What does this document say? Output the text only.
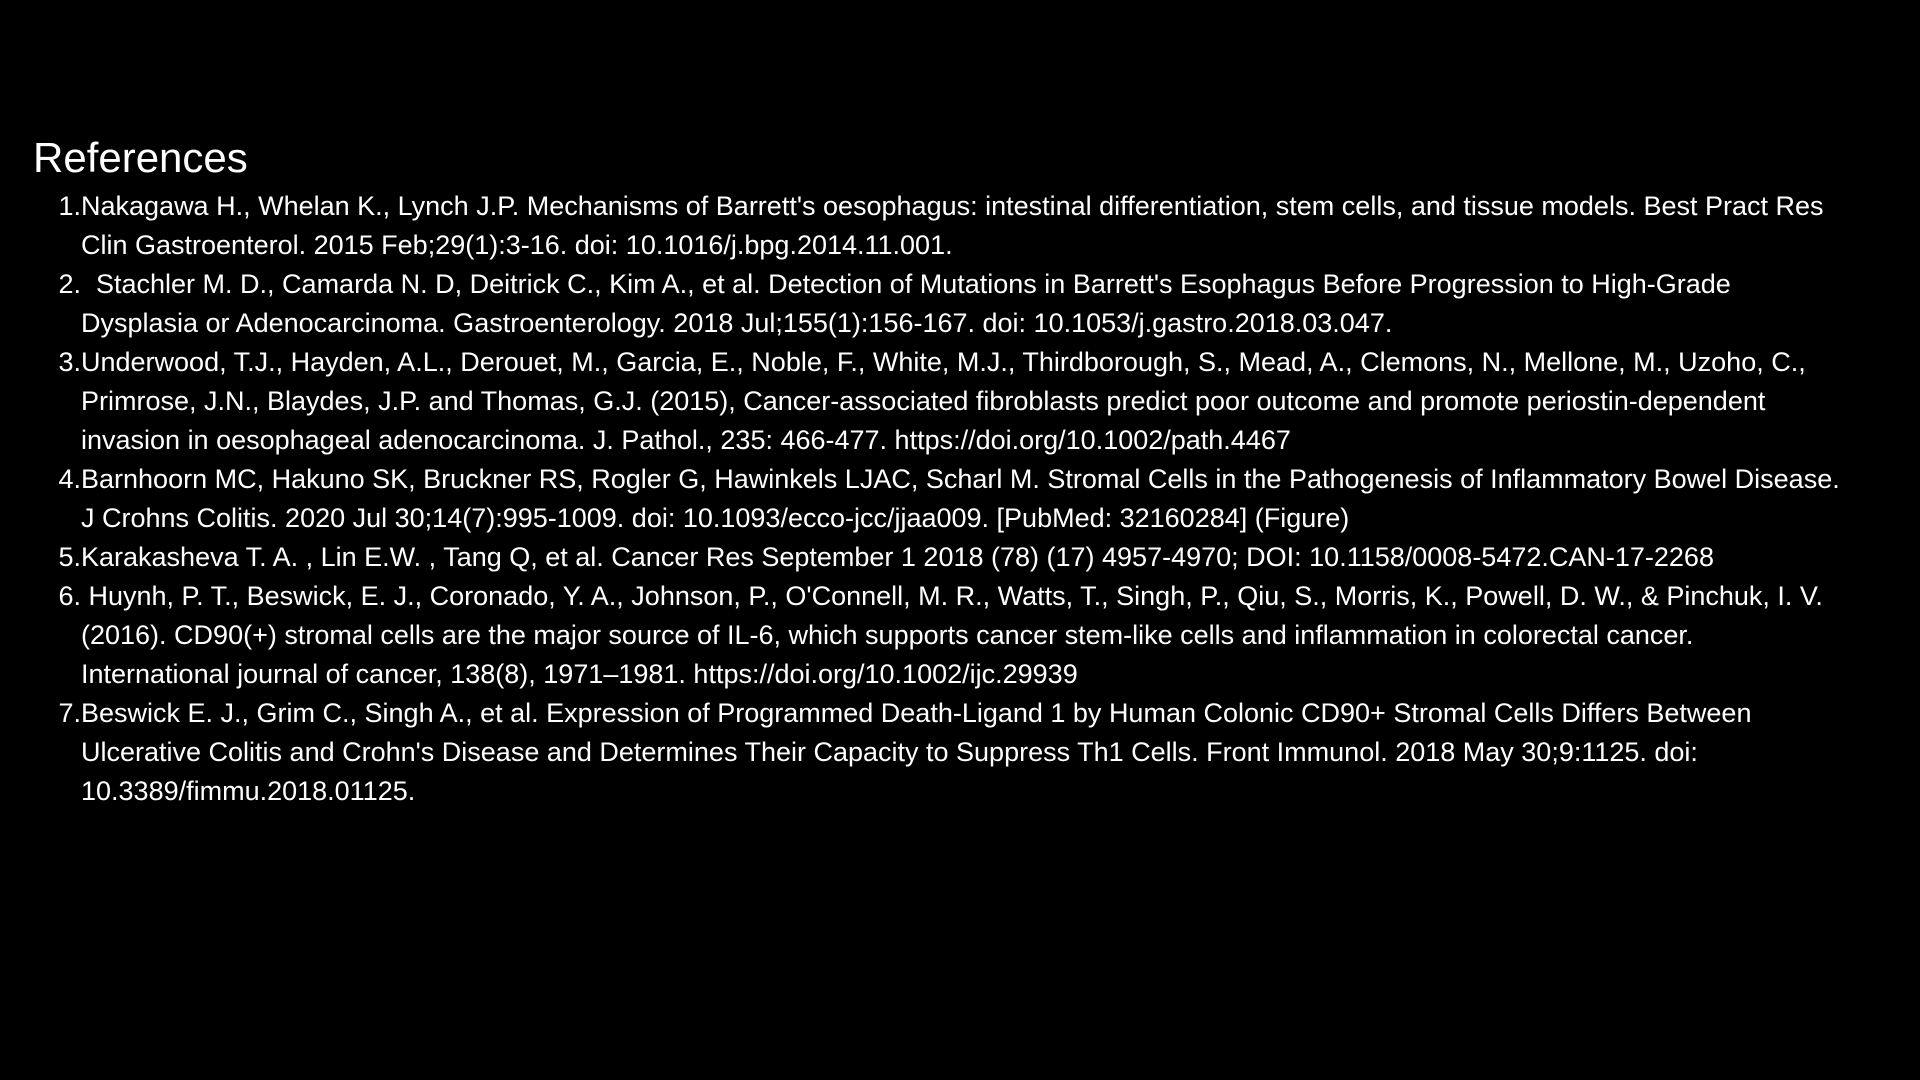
References
1. Nakagawa H., Whelan K., Lynch J.P. Mechanisms of Barrett's oesophagus: intestinal differentiation, stem cells, and tissue models. Best Pract Res Clin Gastroenterol. 2015 Feb;29(1):3-16. doi: 10.1016/j.bpg.2014.11.001.
2. Stachler M. D., Camarda N. D, Deitrick C., Kim A., et al. Detection of Mutations in Barrett's Esophagus Before Progression to High-Grade Dysplasia or Adenocarcinoma. Gastroenterology. 2018 Jul;155(1):156-167. doi: 10.1053/j.gastro.2018.03.047.
3. Underwood, T.J., Hayden, A.L., Derouet, M., Garcia, E., Noble, F., White, M.J., Thirdborough, S., Mead, A., Clemons, N., Mellone, M., Uzoho, C., Primrose, J.N., Blaydes, J.P. and Thomas, G.J. (2015), Cancer-associated fibroblasts predict poor outcome and promote periostin-dependent invasion in oesophageal adenocarcinoma. J. Pathol., 235: 466-477. https://doi.org/10.1002/path.4467
4. Barnhoorn MC, Hakuno SK, Bruckner RS, Rogler G, Hawinkels LJAC, Scharl M. Stromal Cells in the Pathogenesis of Inflammatory Bowel Disease. J Crohns Colitis. 2020 Jul 30;14(7):995-1009. doi: 10.1093/ecco-jcc/jjaa009. [PubMed: 32160284] (Figure)
5. Karakasheva T. A. , Lin E.W. , Tang Q, et al. Cancer Res September 1 2018 (78) (17) 4957-4970; DOI: 10.1158/0008-5472.CAN-17-2268
6. Huynh, P. T., Beswick, E. J., Coronado, Y. A., Johnson, P., O'Connell, M. R., Watts, T., Singh, P., Qiu, S., Morris, K., Powell, D. W., & Pinchuk, I. V. (2016). CD90(+) stromal cells are the major source of IL-6, which supports cancer stem-like cells and inflammation in colorectal cancer. International journal of cancer, 138(8), 1971–1981. https://doi.org/10.1002/ijc.29939
7. Beswick E. J., Grim C., Singh A., et al. Expression of Programmed Death-Ligand 1 by Human Colonic CD90+ Stromal Cells Differs Between Ulcerative Colitis and Crohn's Disease and Determines Their Capacity to Suppress Th1 Cells. Front Immunol. 2018 May 30;9:1125. doi: 10.3389/fimmu.2018.01125.
